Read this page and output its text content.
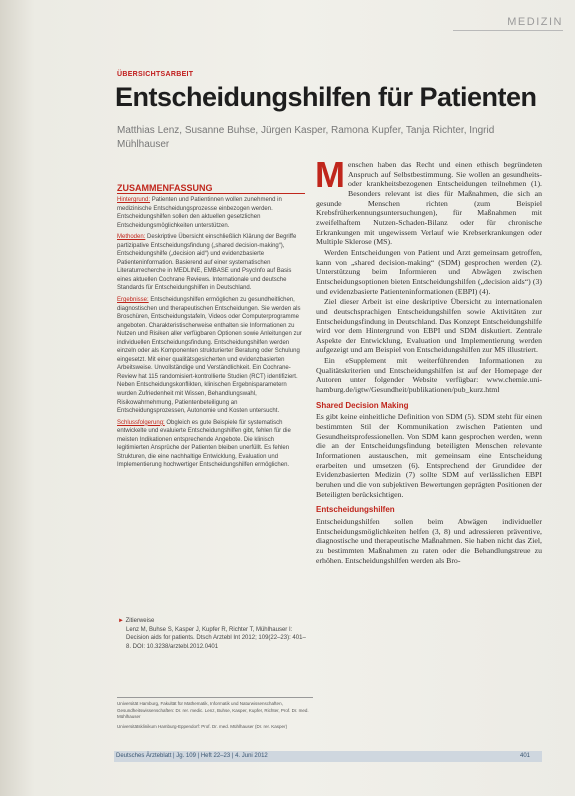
MEDIZIN
ÜBERSICHTSARBEIT
Entscheidungshilfen für Patienten
Matthias Lenz, Susanne Buhse, Jürgen Kasper, Ramona Kupfer, Tanja Richter, Ingrid Mühlhauser
ZUSAMMENFASSUNG

Hintergrund: Patienten und Patientinnen wollen zunehmend in medizinische Entscheidungsprozesse einbezogen werden. Entscheidungshilfen sollen den aktuellen gesetzlichen Entscheidungsmöglichkeiten unterstützen.

Methoden: Deskriptive Übersicht einschließlich Klärung der Begriffe partizipative Entscheidungsfindung („shared decision-making“), Entscheidungshilfe („decision aid“) und evidenzbasierte Patienteninformation. Basierend auf einer systematischen Literaturrecherche in MEDLINE, EMBASE und PsycInfo auf Basis eines aktuellen Cochrane Reviews. Internationale und deutsche Standards für Entscheidungshilfen in Deutschland.

Ergebnisse: Entscheidungshilfen ermöglichen zu gesundheitlichen, diagnostischen und therapeutischen Entscheidungen. Sie werden als Broschüren, Entscheidungstafeln, Videos oder Computerprogramme angeboten. Charakteristischerweise enthalten sie Informationen zu Nutzen und Risiken aller verfügbaren Optionen sowie Anleitungen zur individuellen Entscheidungsfindung. Entscheidungshilfen werden einzeln oder als Komponenten strukturierter Beratung oder Schulung eingesetzt. Mit einer qualitätsgesicherten und evidenzbasierten Arbeitsweise. Unvollständige und Verständlichkeit. Ein Cochrane-Review hat 115 randomisiert-kontrollierte Studien (RCT) identifiziert. Neben Entscheidungskonflikten, klinischen Ergebnisparametern wurden Zufriedenheit mit Wissen, Behandlungswahl, Risikowahrnehmung, Patientenbeteiligung an Entscheidungsprozessen, Autonomie und Kosten untersucht.

Schlussfolgerung: Obgleich es gute Beispiele für systematisch entwickelte und evaluierte Entscheidungshilfen gibt, fehlen für die meisten Indikationen entsprechende Angebote. Die klinisch legitimierten Ansprüche der Patienten bleiben unerfüllt. Es fehlen Strukturen, die eine nachhaltige Entwicklung, Evaluation und Implementierung hochwertiger Entscheidungshilfen ermöglichen.

► Zitierweise
Lenz M, Buhse S, Kasper J, Kupfer R, Richter T, Mühlhauser I: Decision aids for patients. Dtsch Arztebl Int 2012; 109(22–23): 401–8. DOI: 10.3238/arztebl.2012.0401

Universität Hamburg, Fakultät für Mathematik, Informatik und Naturwissenschaften, Gesundheitswissenschaften: Dr. rer. medic. Lenz, Buhse, Kasper, Kupfer, Richter, Prof. Dr. med. Mühlhauser

Universitätsklinikum Hamburg-Eppendorf: Prof. Dr. med. Mühlhauser (Dr. rer. Kasper)

Menschen haben das Recht und einen ethisch begründeten Anspruch auf Selbstbestimmung. Sie wollen an gesundheits- oder krankheitsbezogenen Entscheidungen teilnehmen (1). Besonders relevant ist dies für Maßnahmen, die sich an gesunde Menschen richten (zum Beispiel Krebsfrüherkennungsuntersuchungen), für Maßnahmen mit zweifelhaftem Nutzen-Schaden-Bilanz oder für chronische Erkrankungen mit ungewissem Verlauf wie Krebserkrankungen oder Multiple Sklerose (MS).

Werden Entscheidungen von Patient und Arzt gemeinsam getroffen, kann von „shared decision-making“ (SDM) gesprochen werden (2). Unterstützung beim Informieren und Abwägen zwischen Entscheidungsoptionen bieten Entscheidungshilfen („decision aids“) (3) und evidenzbasierte Patienteninformationen (EBPI) (4).

Ziel dieser Arbeit ist eine deskriptive Übersicht zu internationalen und deutschsprachigen Entscheidungshilfen sowie Aktivitäten zur Entscheidungsfindung in Deutschland. Das Konzept Entscheidungshilfe wird vor dem Hintergrund von EBPI und SDM diskutiert. Zentrale Aspekte der Entwicklung, Evaluation und Implementierung werden aufgezeigt und am Beispiel von Entscheidungshilfen zur MS illustriert.

Ein eSupplement mit weiterführenden Informationen zu Qualitätskriterien und Entscheidungshilfen ist auf der Homepage der Autoren unter folgender Website verfügbar: www.chemie.uni-hamburg.de/igtw/Gesundheit/publikationen/pub_kurz.html

Shared Decision Making

Es gibt keine einheitliche Definition von SDM (5). SDM steht für einen bestimmten Stil der Kommunikation zwischen Patienten und Gesundheitsprofessionellen. Von SDM kann gesprochen werden, wenn die an der Entscheidungsfindung beteiligten Menschen relevante Informationen austauschen, mit gemeinsam eine Entscheidung erarbeiten und umsetzen (6). Entsprechend der Grundidee der Evidenzbasierten Medizin (7) sollte SDM auf verlässlichen EBPI beruhen und die von subjektiven Bewertungen geprägten Positionen der Beteiligten berücksichtigen.

Entscheidungshilfen

Entscheidungshilfen sollen beim Abwägen individueller Entscheidungsmöglichkeiten helfen (3, 8) und adressieren präventive, diagnostische und therapeutische Maßnahmen. Sie haben nicht das Ziel, zu bestimmten Maßnahmen zu raten oder die Behandlungstreue zu erhöhen. Entscheidungshilfen werden als Bro-

Deutsches Ärzteblatt | Jg. 109 | Heft 22–23 | 4. Juni 2012	401
